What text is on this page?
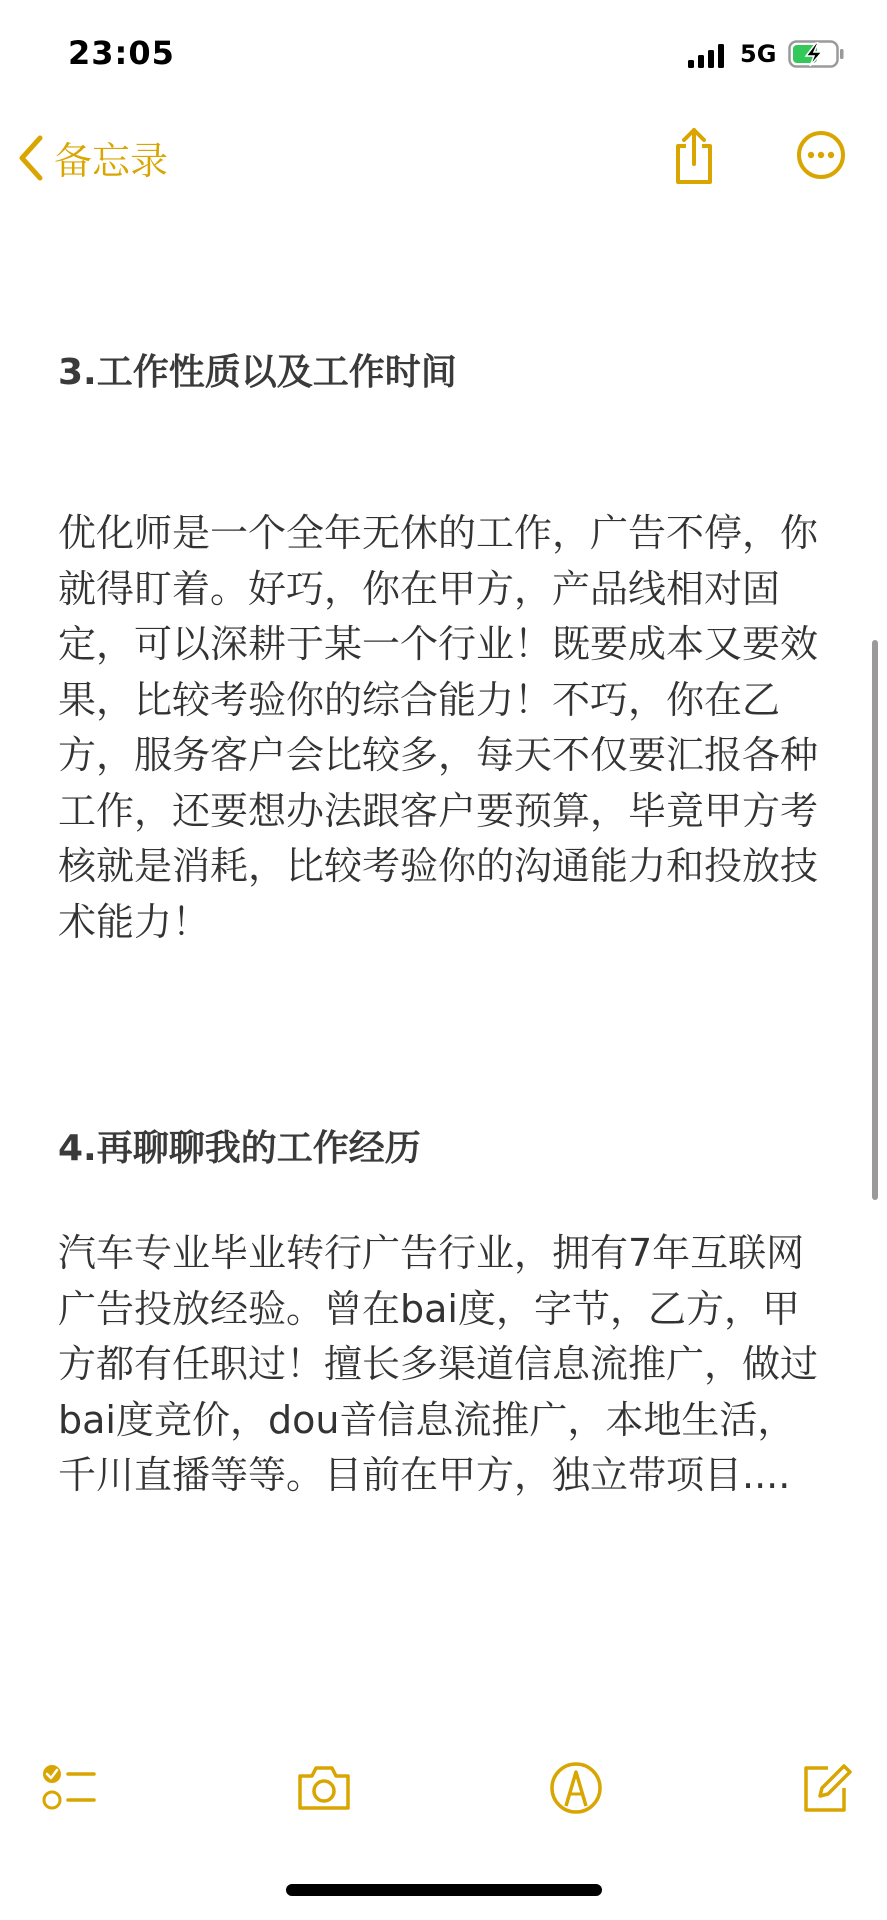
23:05	5G
备忘录
3.工作性质以及工作时间

优化师是一个全年无休的工作，广告不停，你就得盯着。好巧，你在甲方，产品线相对固定，可以深耕于某一个行业！既要成本又要效果，比较考验你的综合能力！不巧，你在乙方，服务客户会比较多，每天不仅要汇报各种工作，还要想办法跟客户要预算，毕竟甲方考核就是消耗，比较考验你的沟通能力和投放技术能力！

4.再聊聊我的工作经历

汽车专业毕业转行广告行业，拥有7年互联网广告投放经验。曾在bai度，字节，乙方，甲方都有任职过！擅长多渠道信息流推广，做过bai度竞价，dou音信息流推广，本地生活，千川直播等等。目前在甲方，独立带项目....
